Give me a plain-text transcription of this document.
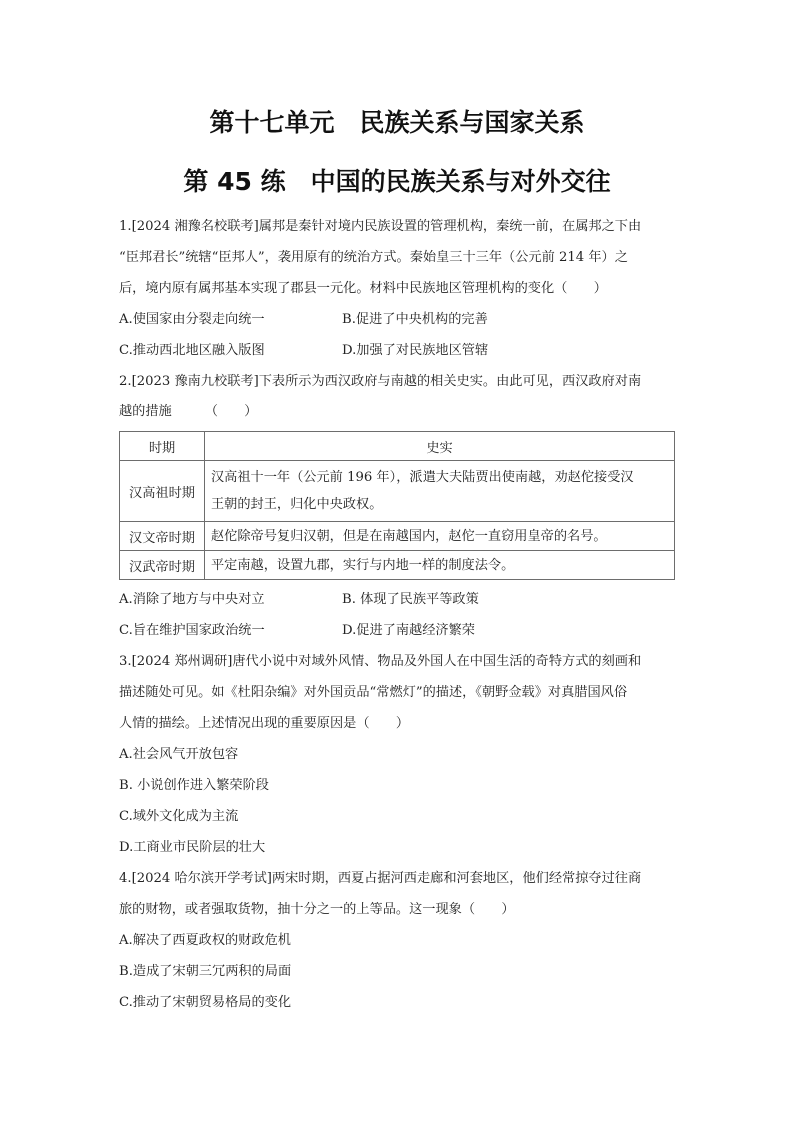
第十七单元　民族关系与国家关系
第 45 练　中国的民族关系与对外交往
1.[2024 湘豫名校联考]属邦是秦针对境内民族设置的管理机构，秦统一前，在属邦之下由
“臣邦君长”统辖“臣邦人”，袭用原有的统治方式。秦始皇三十三年（公元前 214 年）之
后，境内原有属邦基本实现了郡县一元化。材料中民族地区管理机构的变化（　　）
A.使国家由分裂走向统一	B.促进了中央机构的完善
C.推动西北地区融入版图	D.加强了对民族地区管辖
2.[2023 豫南九校联考]下表所示为西汉政府与南越的相关史实。由此可见，西汉政府对南
越的措施　　　（　　）
时期	史实
汉高祖时期	汉高祖十一年（公元前 196 年），派遣大夫陆贾出使南越，劝赵佗接受汉
王朝的封王，归化中央政权。

汉文帝时期	赵佗除帝号复归汉朝，但是在南越国内，赵佗一直窃用皇帝的名号。

汉武帝时期	平定南越，设置九郡，实行与内地一样的制度法令。
A.消除了地方与中央对立	B. 体现了民族平等政策
C.旨在维护国家政治统一	D.促进了南越经济繁荣
3.[2024 郑州调研]唐代小说中对域外风情、物品及外国人在中国生活的奇特方式的刻画和
描述随处可见。如《杜阳杂编》对外国贡品“常燃灯”的描述，《朝野佥载》对真腊国风俗
人情的描绘。上述情况出现的重要原因是（　　）
A.社会风气开放包容
B. 小说创作进入繁荣阶段
C.域外文化成为主流
D.工商业市民阶层的壮大
4.[2024 哈尔滨开学考试]两宋时期，西夏占据河西走廊和河套地区，他们经常掠夺过往商
旅的财物，或者强取货物，抽十分之一的上等品。这一现象（　　）
A.解决了西夏政权的财政危机
B.造成了宋朝三冗两积的局面
C.推动了宋朝贸易格局的变化
